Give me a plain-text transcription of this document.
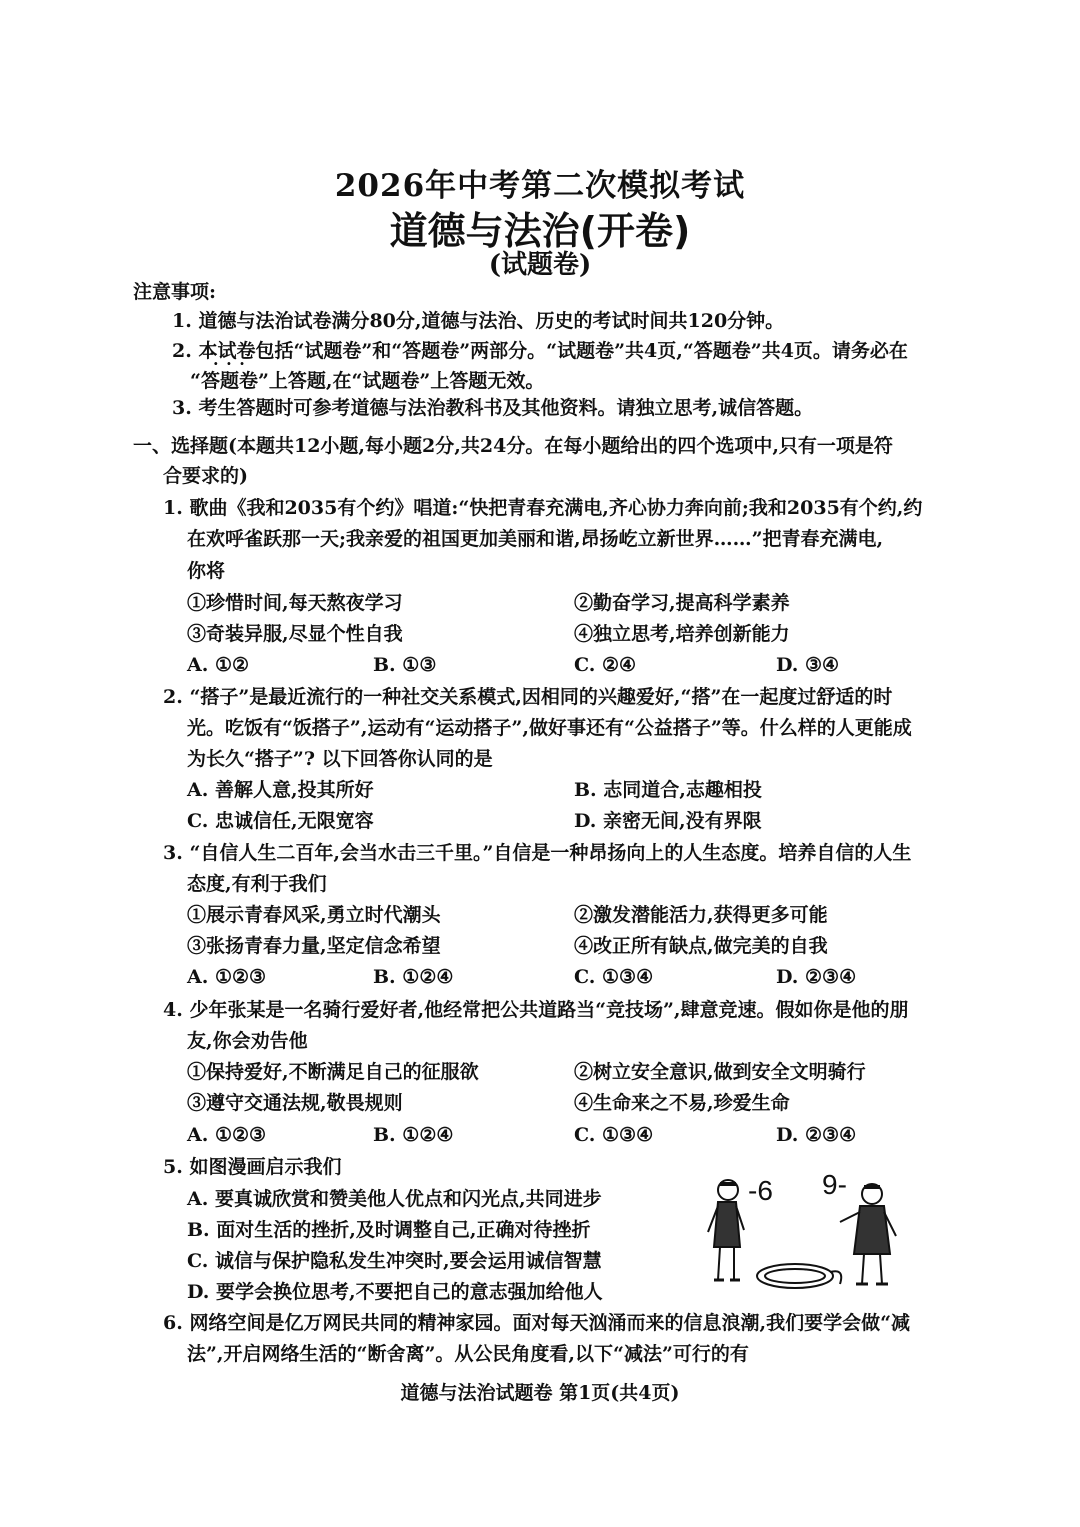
2026年中考第二次模拟考试
道德与法治(开卷)
(试题卷)
注意事项:
1. 道德与法治试卷满分80分,道德与法治、历史的考试时间共120分钟。
2. 本试卷包括“试题卷”和“答题卷”两部分。“试题卷”共4页,“答题卷”共4页。请务必在
“· · · 答题卷”上答题,在“试题卷”上答题无效。
3. 考生答题时可参考道德与法治教科书及其他资料。请独立思考,诚信答题。
一、选择题(本题共12小题,每小题2分,共24分。在每小题给出的四个选项中,只有一项是符
合要求的)
1. 歌曲《我和2035有个约》唱道:“快把青春充满电,齐心协力奔向前;我和2035有个约,约
在欢呼雀跃那一天;我亲爱的祖国更加美丽和谐,昂扬屹立新世界……”把青春充满电,
你将
①珍惜时间,每天熬夜学习	②勤奋学习,提高科学素养
③奇装异服,尽显个性自我	④独立思考,培养创新能力
A. ①②	B. ①③	C. ②④	D. ③④
2. “搭子”是最近流行的一种社交关系模式,因相同的兴趣爱好,“搭”在一起度过舒适的时
光。吃饭有“饭搭子”,运动有“运动搭子”,做好事还有“公益搭子”等。什么样的人更能成
为长久“搭子”? 以下回答你认同的是
A. 善解人意,投其所好	B. 志同道合,志趣相投
C. 忠诚信任,无限宽容	D. 亲密无间,没有界限
3. “自信人生二百年,会当水击三千里。”自信是一种昂扬向上的人生态度。培养自信的人生
态度,有利于我们
①展示青春风采,勇立时代潮头	②激发潜能活力,获得更多可能
③张扬青春力量,坚定信念希望	④改正所有缺点,做完美的自我
A. ①②③	B. ①②④	C. ①③④	D. ②③④
4. 少年张某是一名骑行爱好者,他经常把公共道路当“竞技场”,肆意竞速。假如你是他的朋
友,你会劝告他
①保持爱好,不断满足自己的征服欲	②树立安全意识,做到安全文明骑行
③遵守交通法规,敬畏规则	④生命来之不易,珍爱生命
A. ①②③	B. ①②④	C. ①③④	D. ②③④
5. 如图漫画启示我们
A. 要真诚欣赏和赞美他人优点和闪光点,共同进步
B. 面对生活的挫折,及时调整自己,正确对待挫折
C. 诚信与保护隐私发生冲突时,要会运用诚信智慧
D. 要学会换位思考,不要把自己的意志强加给他人
-6 9-
6. 网络空间是亿万网民共同的精神家园。面对每天汹涌而来的信息浪潮,我们要学会做“减
法”,开启网络生活的“断舍离”。从公民角度看,以下“减法”可行的有
道德与法治试题卷 第1页(共4页)
